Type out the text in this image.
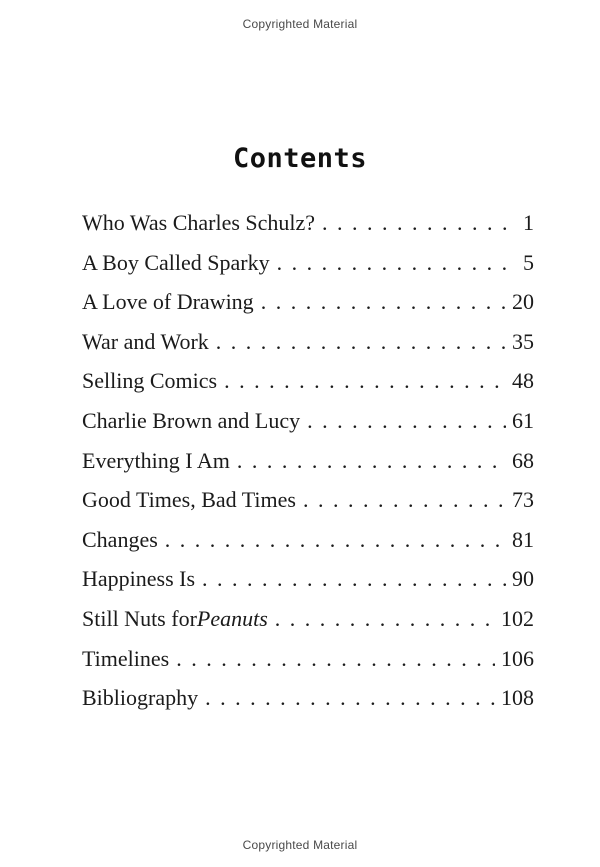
Copyrighted Material
Contents
Who Was Charles Schulz? . . .	1
A Boy Called Sparky . . .	5
A Love of Drawing . . .	20
War and Work . . .	35
Selling Comics . . .	48
Charlie Brown and Lucy . . .	61
Everything I Am . . .	68
Good Times, Bad Times . . .	73
Changes . . .	81
Happiness Is . . .	90
Still Nuts for Peanuts . . .	102
Timelines . . .	106
Bibliography . . .	108
Copyrighted Material
